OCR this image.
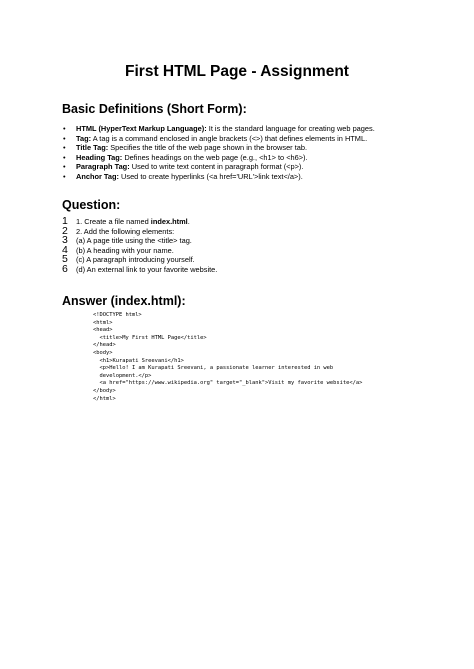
First HTML Page - Assignment
Basic Definitions (Short Form):
• HTML (HyperText Markup Language): It is the standard language for creating web pages.
• Tag: A tag is a command enclosed in angle brackets (<>) that defines elements in HTML.
• Title Tag: Specifies the title of the web page shown in the browser tab.
• Heading Tag: Defines headings on the web page (e.g., <h1> to <h6>).
• Paragraph Tag: Used to write text content in paragraph format (<p>).
• Anchor Tag: Used to create hyperlinks (<a href='URL'>link text</a>).
Question:
1 1. Create a file named index.html.
2 2. Add the following elements:
3 (a) A page title using the <title> tag.
4 (b) A heading with your name.
5 (c) A paragraph introducing yourself.
6 (d) An external link to your favorite website.
Answer (index.html):
<!DOCTYPE html>
<html>
<head>
<title>My First HTML Page</title>
</head>
<body>
<h1>Kurapati Sreevani</h1>
<p>Hello! I am Kurapati Sreevani, a passionate learner interested in web
development.</p>
<a href="https://www.wikipedia.org" target="_blank">Visit my favorite website</a>
</body>
</html>
